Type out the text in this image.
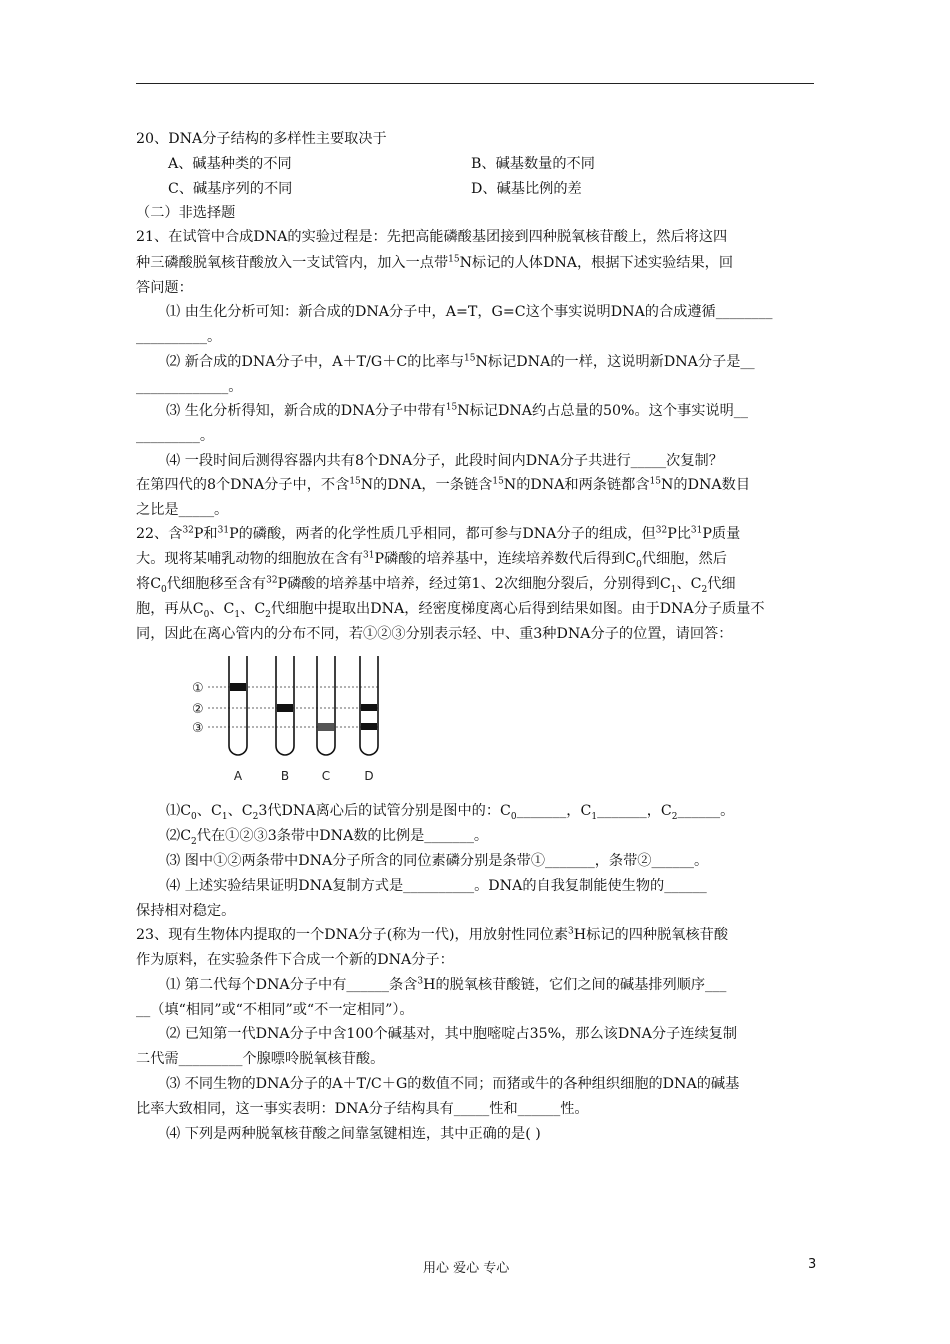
20、DNA分子结构的多样性主要取决于
A、碱基种类的不同	B、碱基数量的不同
C、碱基序列的不同	D、碱基比例的差
（二）非选择题
21、在试管中合成DNA的实验过程是：先把高能磷酸基团接到四种脱氧核苷酸上，然后将这四
种三磷酸脱氧核苷酸放入一支试管内，加入一点带$^{15}$N标记的人体DNA，根据下述实验结果，回
答问题：
⑴ 由生化分析可知：新合成的DNA分子中，A=T，G=C这个事实说明DNA的合成遵循________
__________。
⑵ 新合成的DNA分子中，A＋T/G＋C的比率与$^{15}$N标记DNA的一样，这说明新DNA分子是__
_____________。
⑶ 生化分析得知，新合成的DNA分子中带有$^{15}$N标记DNA约占总量的50%。这个事实说明__
_________。
⑷ 一段时间后测得容器内共有8个DNA分子，此段时间内DNA分子共进行_____次复制？
在第四代的8个DNA分子中，不含$^{15}$N的DNA，一条链含$^{15}$N的DNA和两条链都含$^{15}$N的DNA数目
之比是_____。
22、含$^{32}$P和$^{31}$P的磷酸，两者的化学性质几乎相同，都可参与DNA分子的组成，但$^{32}$P比$^{31}$P质量
大。现将某哺乳动物的细胞放在含有$^{31}$P磷酸的培养基中，连续培养数代后得到$C_0$代细胞，然后
将$C_0$代细胞移至含有$^{32}$P磷酸的培养基中培养，经过第1、2次细胞分裂后，分别得到$C_1$、$C_2$代细
胞，再从$C_0$、$C_1$、$C_2$代细胞中提取出DNA，经密度梯度离心后得到结果如图。由于DNA分子质量不
同，因此在离心管内的分布不同，若①②③分别表示轻、中、重3种DNA分子的位置，请回答：
①
②
③
A	B	C	D
$⑴C_0$、$C_1$、$C_23$代DNA离心后的试管分别是图中的：$C_0\_\_\_\_\_\_\_$，$C_1\_\_\_\_\_\_\_$，$C_2\_\_\_\_\_\_$。
$⑵C_2$代在①②③3条带中DNA数的比例是_______。
⑶ 图中①②两条带中DNA分子所含的同位素磷分别是条带①_______，条带②______。
⑷ 上述实验结果证明DNA复制方式是__________。DNA的自我复制能使生物的______
保持相对稳定。
23、现有生物体内提取的一个DNA分子(称为一代)，用放射性同位素$^3$H标记的四种脱氧核苷酸
作为原料，在实验条件下合成一个新的DNA分子：
⑴ 第二代每个DNA分子中有______条含$^3$H的脱氧核苷酸链，它们之间的碱基排列顺序___
__（填“相同”或“不相同”或“不一定相同”）。
⑵ 已知第一代DNA分子中含100个碱基对，其中胞嘧啶占35%，那么该DNA分子连续复制
二代需_________个腺嘌呤脱氧核苷酸。
⑶ 不同生物的DNA分子的A＋T/C＋G的数值不同；而猪或牛的各种组织细胞的DNA的碱基
比率大致相同，这一事实表明：DNA分子结构具有_____性和______性。
⑷ 下列是两种脱氧核苷酸之间靠氢键相连，其中正确的是( )
用心 爱心 专心	3
